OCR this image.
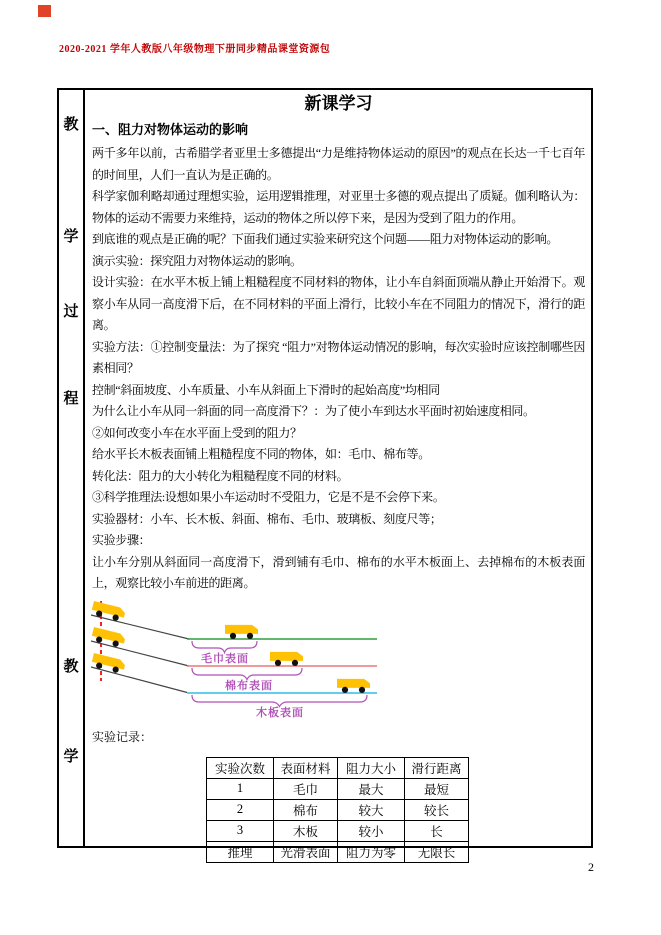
2020-2021 学年人教版八年级物理下册同步精品课堂资源包
教
学
过
程
教
学
新课学习
一、阻力对物体运动的影响
两千多年以前，古希腊学者亚里士多德提出“力是维持物体运动的原因”的观点在长达一千七百年的时间里，人们一直认为是正确的。
科学家伽利略却通过理想实验，运用逻辑推理，对亚里士多德的观点提出了质疑。伽利略认为：物体的运动不需要力来维持，运动的物体之所以停下来，是因为受到了阻力的作用。
到底谁的观点是正确的呢？下面我们通过实验来研究这个问题——阻力对物体运动的影响。
演示实验：探究阻力对物体运动的影响。
设计实验：在水平木板上铺上粗糙程度不同材料的物体，让小车自斜面顶端从静止开始滑下。观察小车从同一高度滑下后，在不同材料的平面上滑行，比较小车在不同阻力的情况下，滑行的距离。
实验方法：①控制变量法：为了探究 “阻力”对物体运动情况的影响，每次实验时应该控制哪些因素相同？
控制“斜面坡度、小车质量、小车从斜面上下滑时的起始高度”均相同
为什么让小车从同一斜面的同一高度滑下？：为了使小车到达水平面时初始速度相同。
②如何改变小车在水平面上受到的阻力？
给水平长木板表面铺上粗糙程度不同的物体，如：毛巾、棉布等。
转化法：阻力的大小转化为粗糙程度不同的材料。
③科学推理法:设想如果小车运动时不受阻力，它是不是不会停下来。
实验器材：小车、长木板、斜面、棉布、毛巾、玻璃板、刻度尺等；
实验步骤：
让小车分别从斜面同一高度滑下，滑到铺有毛巾、棉布的水平木板面上、去掉棉布的木板表面上，观察比较小车前进的距离。
毛巾表面
棉布表面
木板表面
实验记录：
实验次数	表面材料	阻力大小	滑行距离
1	毛巾	最大	最短
2	棉布	较大	较长
3	木板	较小	长
推理	光滑表面	阻力为零	无限长
2
